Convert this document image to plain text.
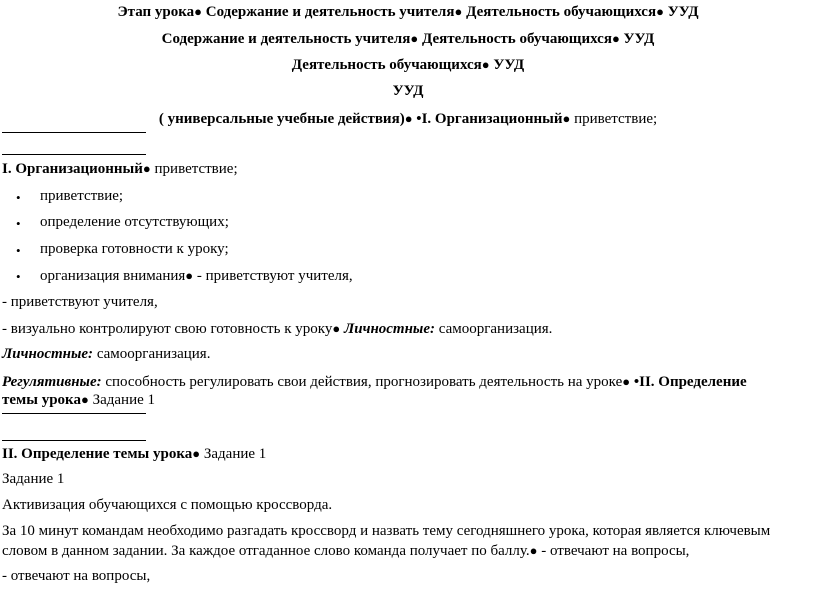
Этап урока● Содержание и деятельность учителя● Деятельность обучающихся● УУД
Содержание и деятельность учителя● Деятельность обучающихся● УУД
Деятельность обучающихся● УУД
УУД
( универсальные учебные действия)● •I. Организационный● приветствие;
I. Организационный● приветствие;
• приветствие;
• определение отсутствующих;
• проверка готовности к уроку;
• организация внимания● - приветствуют учителя,
- приветствуют учителя,
- визуально контролируют свою готовность к уроку● Личностные: самоорганизация.
Личностные: самоорганизация.
Регулятивные: способность регулировать свои действия, прогнозировать деятельность на уроке● •II. Определение
темы урока● Задание 1
II. Определение темы урока● Задание 1
Задание 1
Активизация обучающихся с помощью кроссворда.
За 10 минут командам необходимо разгадать кроссворд и назвать тему сегодняшнего урока, которая является ключевым
словом в данном задании. За каждое отгаданное слово команда получает по баллу.● - отвечают на вопросы,
- отвечают на вопросы,
